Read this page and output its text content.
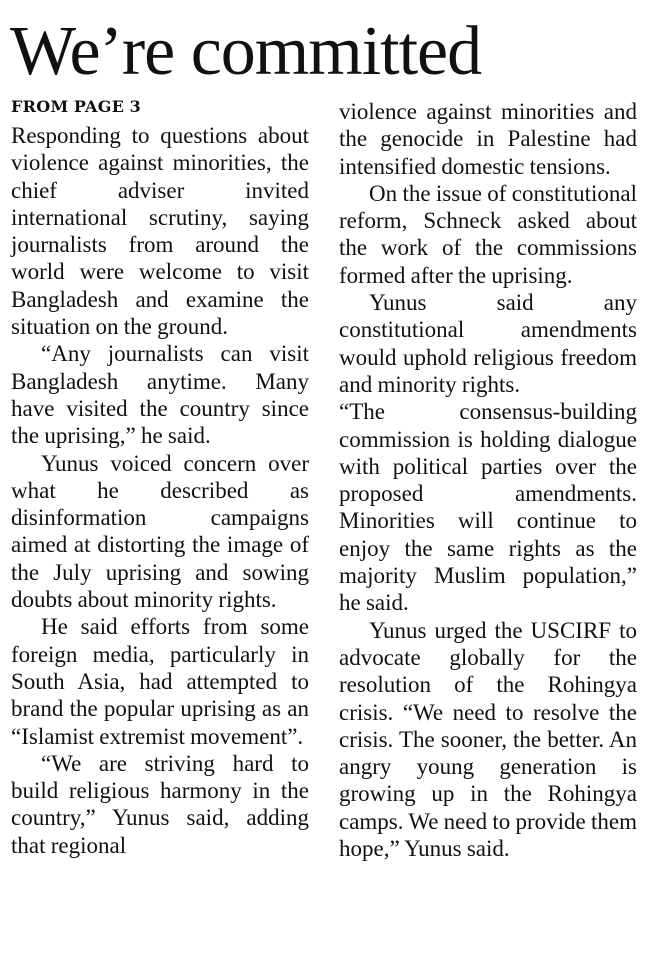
We’re committed
FROM PAGE 3

Responding to questions about violence against minorities, the chief adviser invited international scrutiny, saying journalists from around the world were welcome to visit Bangladesh and examine the situation on the ground.

“Any journalists can visit Bangladesh anytime. Many have visited the country since the uprising,” he said.

Yunus voiced concern over what he described as disinformation campaigns aimed at distorting the image of the July uprising and sowing doubts about minority rights.

He said efforts from some foreign media, particularly in South Asia, had attempted to brand the popular uprising as an “Islamist extremist movement”.

“We are striving hard to build religious harmony in the country,” Yunus said, adding that regional

violence against minorities and the genocide in Palestine had intensified domestic tensions.

On the issue of constitutional reform, Schneck asked about the work of the commissions formed after the uprising.

Yunus said any constitutional amendments would uphold religious freedom and minority rights.

“The consensus-building commission is holding dialogue with political parties over the proposed amendments. Minorities will continue to enjoy the same rights as the majority Muslim population,” he said.

Yunus urged the USCIRF to advocate globally for the resolution of the Rohingya crisis. “We need to resolve the crisis. The sooner, the better. An angry young generation is growing up in the Rohingya camps. We need to provide them hope,” Yunus said.
